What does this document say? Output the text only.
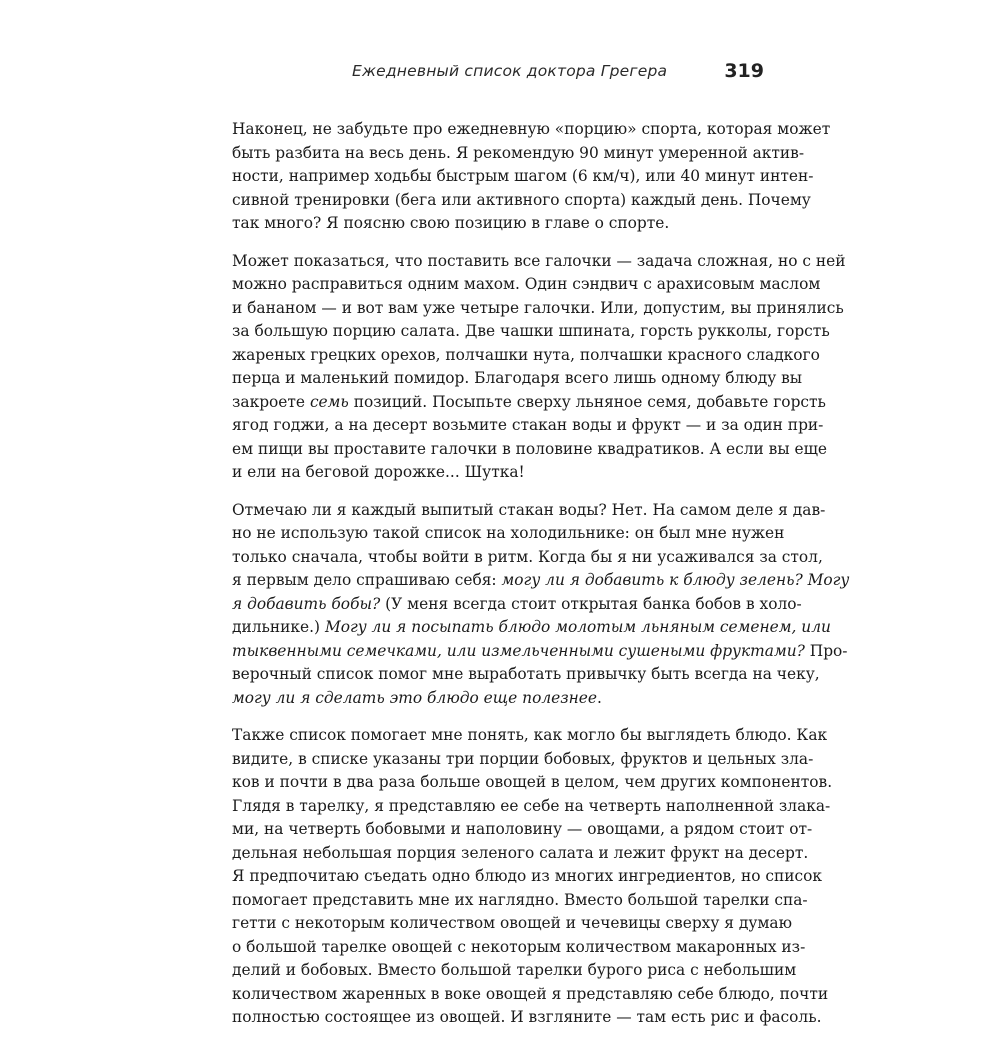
Ежедневный список доктора Грегера	319

Наконец, не забудьте про ежедневную «порцию» спорта, которая может
быть разбита на весь день. Я рекомендую 90 минут умеренной актив-
ности, например ходьбы быстрым шагом (6 км/ч), или 40 минут интен-
сивной тренировки (бега или активного спорта) каждый день. Почему
так много? Я поясню свою позицию в главе о спорте.

Может показаться, что поставить все галочки — задача сложная, но с ней
можно расправиться одним махом. Один сэндвич с арахисовым маслом
и бананом — и вот вам уже четыре галочки. Или, допустим, вы принялись
за большую порцию салата. Две чашки шпината, горсть рукколы, горсть
жареных грецких орехов, полчашки нута, полчашки красного сладкого
перца и маленький помидор. Благодаря всего лишь одному блюду вы
закроете семь позиций. Посыпьте сверху льняное семя, добавьте горсть
ягод годжи, а на десерт возьмите стакан воды и фрукт — и за один при-
ем пищи вы проставите галочки в половине квадратиков. А если вы еще
и ели на беговой дорожке... Шутка!

Отмечаю ли я каждый выпитый стакан воды? Нет. На самом деле я дав-
но не использую такой список на холодильнике: он был мне нужен
только сначала, чтобы войти в ритм. Когда бы я ни усаживался за стол,
я первым дело спрашиваю себя: могу ли я добавить к блюду зелень? Могу
я добавить бобы? (У меня всегда стоит открытая банка бобов в холо-
дильнике.) Могу ли я посыпать блюдо молотым льняным семенем, или
тыквенными семечками, или измельченными сушеными фруктами? Про-
верочный список помог мне выработать привычку быть всегда на чеку,
могу ли я сделать это блюдо еще полезнее.

Также список помогает мне понять, как могло бы выглядеть блюдо. Как
видите, в списке указаны три порции бобовых, фруктов и цельных зла-
ков и почти в два раза больше овощей в целом, чем других компонентов.
Глядя в тарелку, я представляю ее себе на четверть наполненной злака-
ми, на четверть бобовыми и наполовину — овощами, а рядом стоит от-
дельная небольшая порция зеленого салата и лежит фрукт на десерт.
Я предпочитаю съедать одно блюдо из многих ингредиентов, но список
помогает представить мне их наглядно. Вместо большой тарелки спа-
гетти с некоторым количеством овощей и чечевицы сверху я думаю
о большой тарелке овощей с некоторым количеством макаронных из-
делий и бобовых. Вместо большой тарелки бурого риса с небольшим
количеством жаренных в воке овощей я представляю себе блюдо, почти
полностью состоящее из овощей. И взгляните — там есть рис и фасоль.
